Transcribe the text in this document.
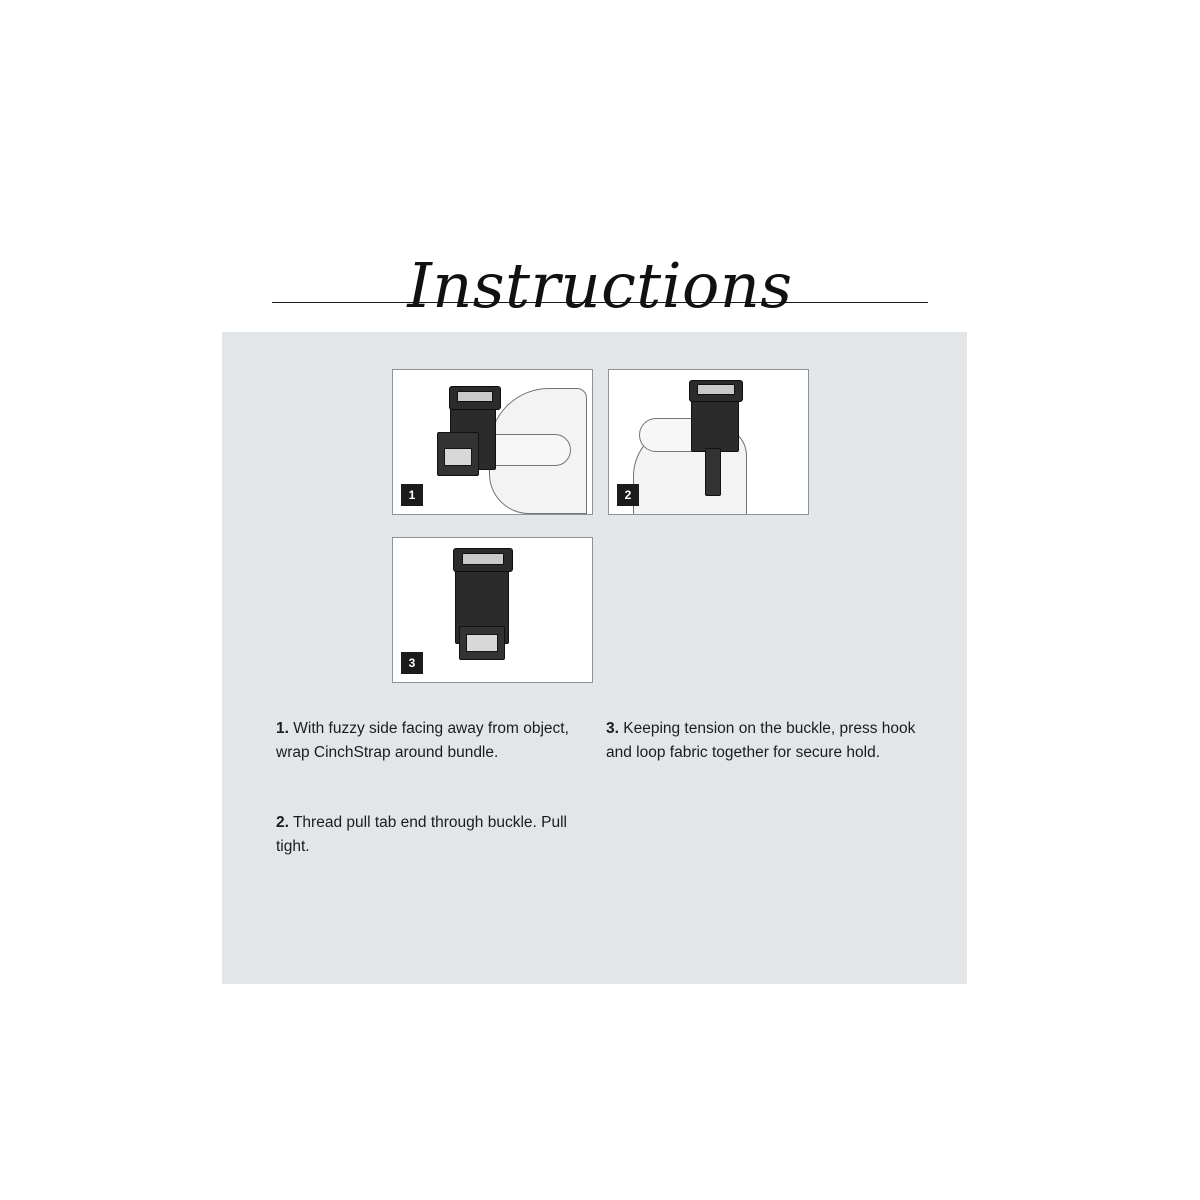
Instructions
1	2
3

1. With fuzzy side facing away from object, wrap CinchStrap around bundle.

2. Thread pull tab end through buckle. Pull tight.

3. Keeping tension on the buckle, press hook and loop fabric together for secure hold.
